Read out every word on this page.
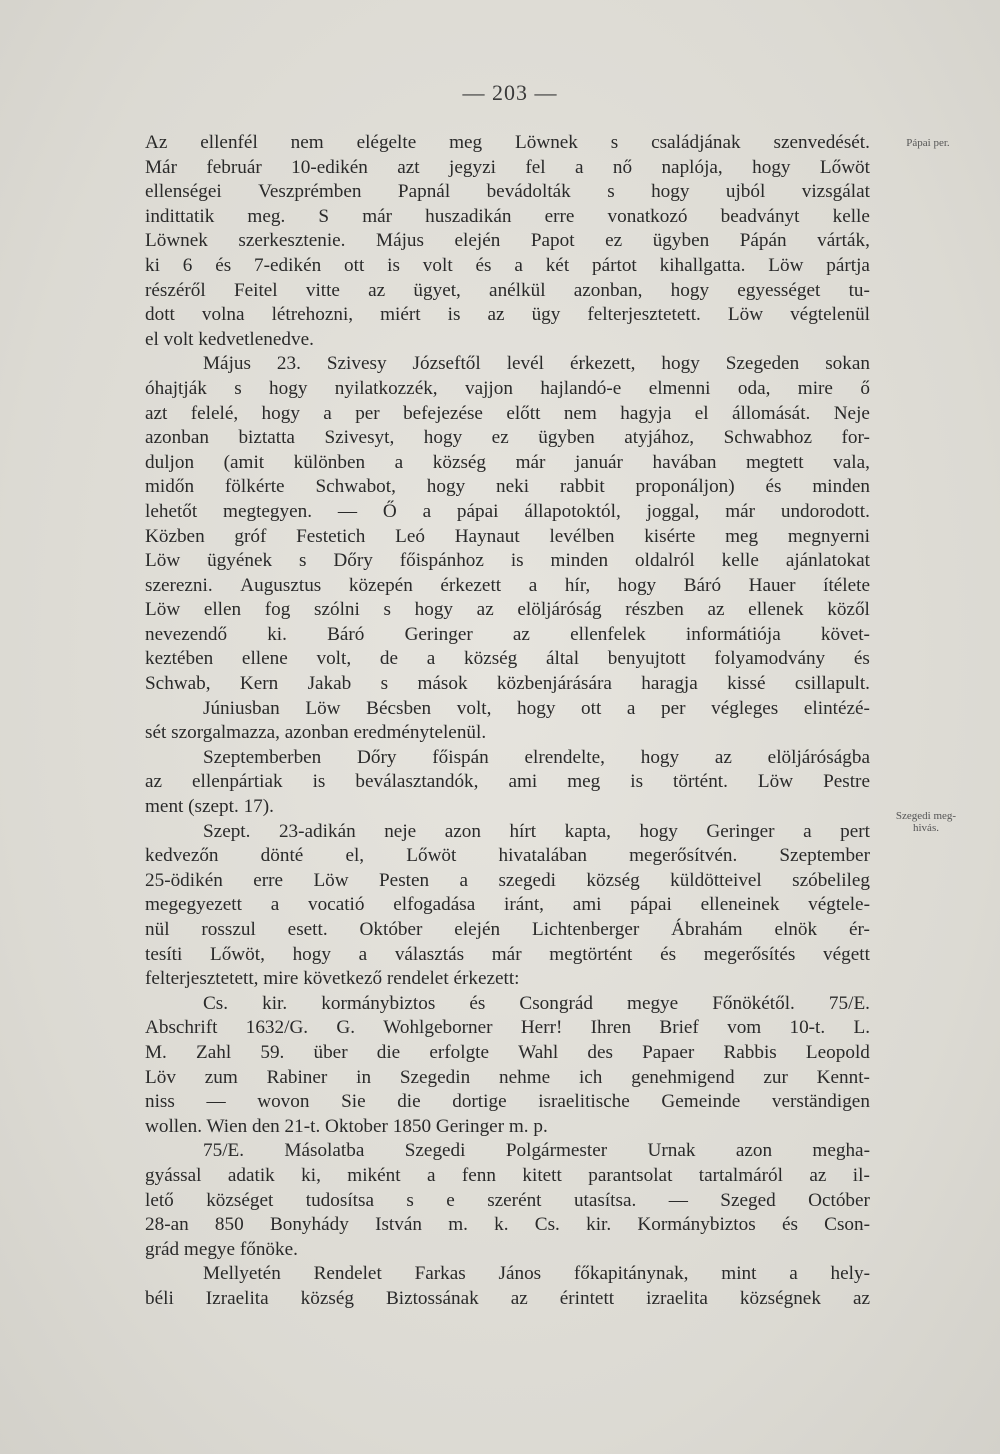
— 203 —
Pápai per.
Szegedi meg-
hivás.
Az ellenfél nem elégelte meg Löwnek s családjának szenvedését.
Már február 10-edikén azt jegyzi fel a nő naplója, hogy Lőwöt
ellenségei Veszprémben Papnál bevádolták s hogy ujból vizsgálat
indittatik meg. S már huszadikán erre vonatkozó beadványt kelle
Löwnek szerkesztenie. Május elején Papot ez ügyben Pápán várták,
ki 6 és 7-edikén ott is volt és a két pártot kihallgatta. Löw pártja
részéről Feitel vitte az ügyet, anélkül azonban, hogy egyességet tu-
dott volna létrehozni, miért is az ügy felterjesztetett. Löw végtelenül
el volt kedvetlenedve.
Május 23. Szivesy Józseftől levél érkezett, hogy Szegeden sokan
óhajtják s hogy nyilatkozzék, vajjon hajlandó-e elmenni oda, mire ő
azt felelé, hogy a per befejezése előtt nem hagyja el állomását. Neje
azonban biztatta Szivesyt, hogy ez ügyben atyjához, Schwabhoz for-
duljon (amit különben a község már január havában megtett vala,
midőn fölkérte Schwabot, hogy neki rabbit proponáljon) és minden
lehetőt megtegyen. — Ő a pápai állapotoktól, joggal, már undorodott.
Közben gróf Festetich Leó Haynaut levélben kisérte meg megnyerni
Löw ügyének s Dőry főispánhoz is minden oldalról kelle ajánlatokat
szerezni. Augusztus közepén érkezett a hír, hogy Báró Hauer ítélete
Löw ellen fog szólni s hogy az elöljáróság részben az ellenek közől
nevezendő ki. Báró Geringer az ellenfelek informátiója követ-
keztében ellene volt, de a község által benyujtott folyamodvány és
Schwab, Kern Jakab s mások közbenjárására haragja kissé csillapult.
Júniusban Löw Bécsben volt, hogy ott a per végleges elintézé-
sét szorgalmazza, azonban eredménytelenül.
Szeptemberben Dőry főispán elrendelte, hogy az elöljáróságba
az ellenpártiak is beválasztandók, ami meg is történt. Löw Pestre
ment (szept. 17).
Szept. 23-adikán neje azon hírt kapta, hogy Geringer a pert
kedvezőn dönté el, Lőwöt hivatalában megerősítvén. Szeptember
25-ödikén erre Löw Pesten a szegedi község küldötteivel szóbelileg
megegyezett a vocatió elfogadása iránt, ami pápai elleneinek végtele-
nül rosszul esett. Október elején Lichtenberger Ábrahám elnök ér-
tesíti Lőwöt, hogy a választás már megtörtént és megerősítés végett
felterjesztetett, mire következő rendelet érkezett:
Cs. kir. kormánybiztos és Csongrád megye Főnökétől. 75/E.
Abschrift 1632/G. G. Wohlgeborner Herr! Ihren Brief vom 10-t. L.
M. Zahl 59. über die erfolgte Wahl des Papaer Rabbis Leopold
Löv zum Rabiner in Szegedin nehme ich genehmigend zur Kennt-
niss — wovon Sie die dortige israelitische Gemeinde verständigen
wollen. Wien den 21-t. Oktober 1850 Geringer m. p.
75/E. Másolatba Szegedi Polgármester Urnak azon megha-
gyással adatik ki, miként a fenn kitett parantsolat tartalmáról az il-
lető községet tudosítsa s e szerént utasítsa. — Szeged Octóber
28-an 850 Bonyhády István m. k. Cs. kir. Kormánybiztos és Cson-
grád megye főnöke.
Mellyetén Rendelet Farkas János főkapitánynak, mint a hely-
béli Izraelita község Biztossának az érintett izraelita községnek az
